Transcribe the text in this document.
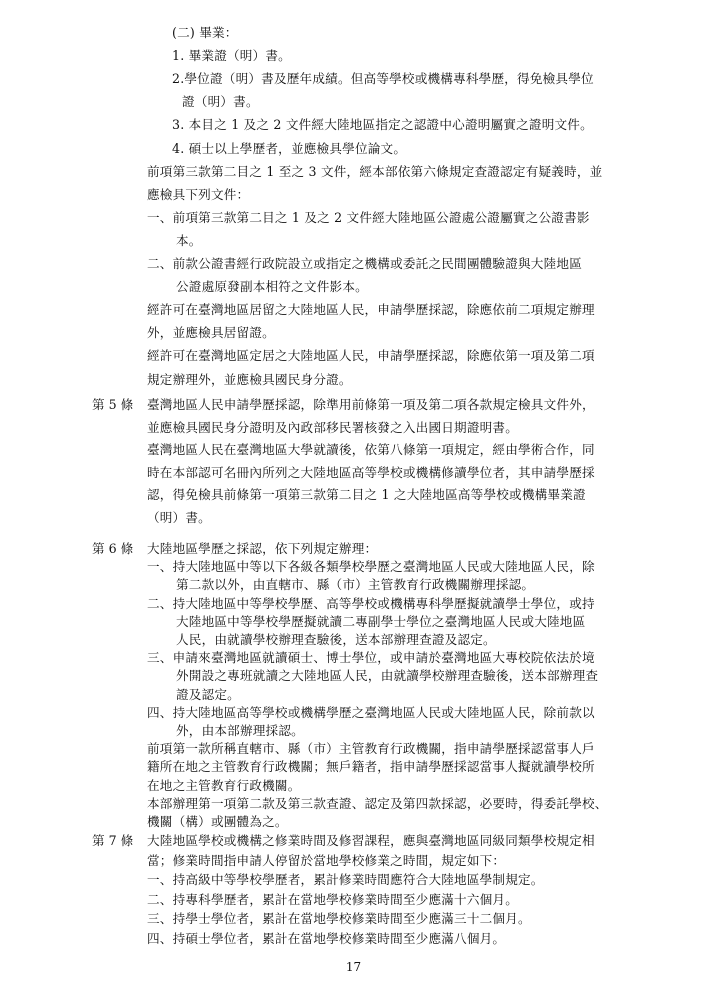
(二) 畢業：
1. 畢業證（明）書。
2.學位證（明）書及歷年成績。但高等學校或機構專科學歷，得免檢具學位
證（明）書。
3. 本目之 1 及之 2 文件經大陸地區指定之認證中心證明屬實之證明文件。
4. 碩士以上學歷者，並應檢具學位論文。
前項第三款第二目之 1 至之 3 文件，經本部依第六條規定查證認定有疑義時，並
應檢具下列文件：
一、前項第三款第二目之 1 及之 2 文件經大陸地區公證處公證屬實之公證書影
本。
二、前款公證書經行政院設立或指定之機構或委託之民間團體驗證與大陸地區
公證處原發副本相符之文件影本。
經許可在臺灣地區居留之大陸地區人民，申請學歷採認，除應依前二項規定辦理
外，並應檢具居留證。
經許可在臺灣地區定居之大陸地區人民，申請學歷採認，除應依第一項及第二項
規定辦理外，並應檢具國民身分證。
第 5 條 臺灣地區人民申請學歷採認，除準用前條第一項及第二項各款規定檢具文件外，
並應檢具國民身分證明及內政部移民署核發之入出國日期證明書。
臺灣地區人民在臺灣地區大學就讀後，依第八條第一項規定，經由學術合作，同
時在本部認可名冊內所列之大陸地區高等學校或機構修讀學位者，其申請學歷採
認，得免檢具前條第一項第三款第二目之 1 之大陸地區高等學校或機構畢業證
（明）書。
第 6 條 大陸地區學歷之採認，依下列規定辦理：
一、持大陸地區中等以下各級各類學校學歷之臺灣地區人民或大陸地區人民，除
第二款以外，由直轄市、縣（市）主管教育行政機關辦理採認。
二、持大陸地區中等學校學歷、高等學校或機構專科學歷擬就讀學士學位，或持
大陸地區中等學校學歷擬就讀二專副學士學位之臺灣地區人民或大陸地區
人民，由就讀學校辦理查驗後，送本部辦理查證及認定。
三、申請來臺灣地區就讀碩士、博士學位，或申請於臺灣地區大專校院依法於境
外開設之專班就讀之大陸地區人民，由就讀學校辦理查驗後，送本部辦理查
證及認定。
四、持大陸地區高等學校或機構學歷之臺灣地區人民或大陸地區人民，除前款以
外，由本部辦理採認。
前項第一款所稱直轄市、縣（市）主管教育行政機關，指申請學歷採認當事人戶
籍所在地之主管教育行政機關；無戶籍者，指申請學歷採認當事人擬就讀學校所
在地之主管教育行政機關。
本部辦理第一項第二款及第三款查證、認定及第四款採認，必要時，得委託學校、
機關（構）或團體為之。
17
第 7 條 大陸地區學校或機構之修業時間及修習課程，應與臺灣地區同級同類學校規定相
當；修業時間指申請人停留於當地學校修業之時間，規定如下：
一、持高級中等學校學歷者，累計修業時間應符合大陸地區學制規定。
二、持專科學歷者，累計在當地學校修業時間至少應滿十六個月。
三、持學士學位者，累計在當地學校修業時間至少應滿三十二個月。
四、持碩士學位者，累計在當地學校修業時間至少應滿八個月。
